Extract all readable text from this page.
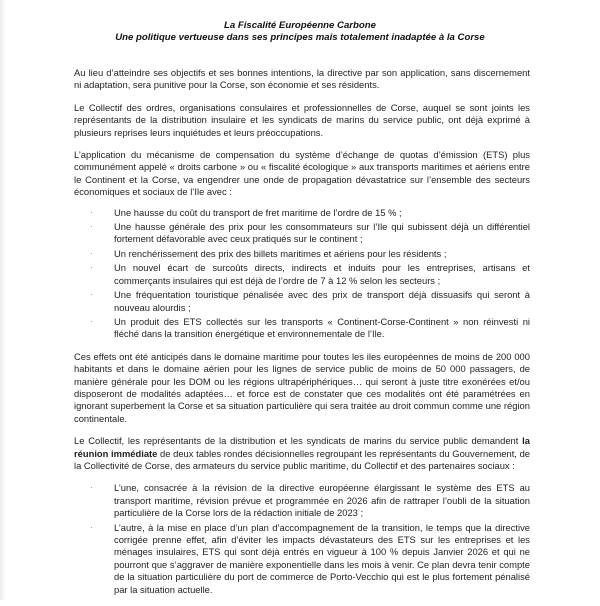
La Fiscalité Européenne Carbone
Une politique vertueuse dans ses principes mais totalement inadaptée à la Corse

Au lieu d’atteindre ses objectifs et ses bonnes intentions, la directive par son application, sans discernement ni adaptation, sera punitive pour la Corse, son économie et ses résidents.

Le Collectif des ordres, organisations consulaires et professionnelles de Corse, auquel se sont joints les représentants de la distribution insulaire et les syndicats de marins du service public, ont déjà exprimé à plusieurs reprises leurs inquiétudes et leurs préoccupations.

L’application du mécanisme de compensation du système d’échange de quotas d’émission (ETS) plus communément appelé « droits carbone » ou « fiscalité écologique » aux transports maritimes et aériens entre le Continent et la Corse, va engendrer une onde de propagation dévastatrice sur l’ensemble des secteurs économiques et sociaux de l’Ile avec :

· Une hausse du coût du transport de fret maritime de l’ordre de 15 % ;
· Une hausse générale des prix pour les consommateurs sur l’Ile qui subissent déjà un différentiel fortement défavorable avec ceux pratiqués sur le continent ;
· Un renchérissement des prix des billets maritimes et aériens pour les résidents ;
· Un nouvel écart de surcoûts directs, indirects et induits pour les entreprises, artisans et commerçants insulaires qui est déjà de l’ordre de 7 à 12 % selon les secteurs ;
· Une fréquentation touristique pénalisée avec des prix de transport déjà dissuasifs qui seront à nouveau alourdis ;
· Un produit des ETS collectés sur les transports « Continent-Corse-Continent » non réinvesti ni fléché dans la transition énergétique et environnementale de l’Ile.

Ces effets ont été anticipés dans le domaine maritime pour toutes les iles européennes de moins de 200 000 habitants et dans le domaine aérien pour les lignes de service public de moins de 50 000 passagers, de manière générale pour les DOM ou les régions ultrapériphériques… qui seront à juste titre exonérées et/ou disposeront de modalités adaptées… et force est de constater que ces modalités ont été paramétrées en ignorant superbement la Corse et sa situation particulière qui sera traitée au droit commun comme une région continentale.

Le Collectif, les représentants de la distribution et les syndicats de marins du service public demandent la réunion immédiate de deux tables rondes décisionnelles regroupant les représentants du Gouvernement, de la Collectivité de Corse, des armateurs du service public maritime, du Collectif et des partenaires sociaux :

· L’une, consacrée à la révision de la directive européenne élargissant le système des ETS au transport maritime, révision prévue et programmée en 2026 afin de rattraper l’oubli de la situation particulière de la Corse lors de la rédaction initiale de 2023 ;
· L’autre, à la mise en place d’un plan d’accompagnement de la transition, le temps que la directive corrigée prenne effet, afin d’éviter les impacts dévastateurs des ETS sur les entreprises et les ménages insulaires, ETS qui sont déjà entrés en vigueur à 100 % depuis Janvier 2026 et qui ne pourront que s’aggraver de manière exponentielle dans les mois à venir. Ce plan devra tenir compte de la situation particulière du port de commerce de Porto-Vecchio qui est le plus fortement pénalisé par la situation actuelle.
